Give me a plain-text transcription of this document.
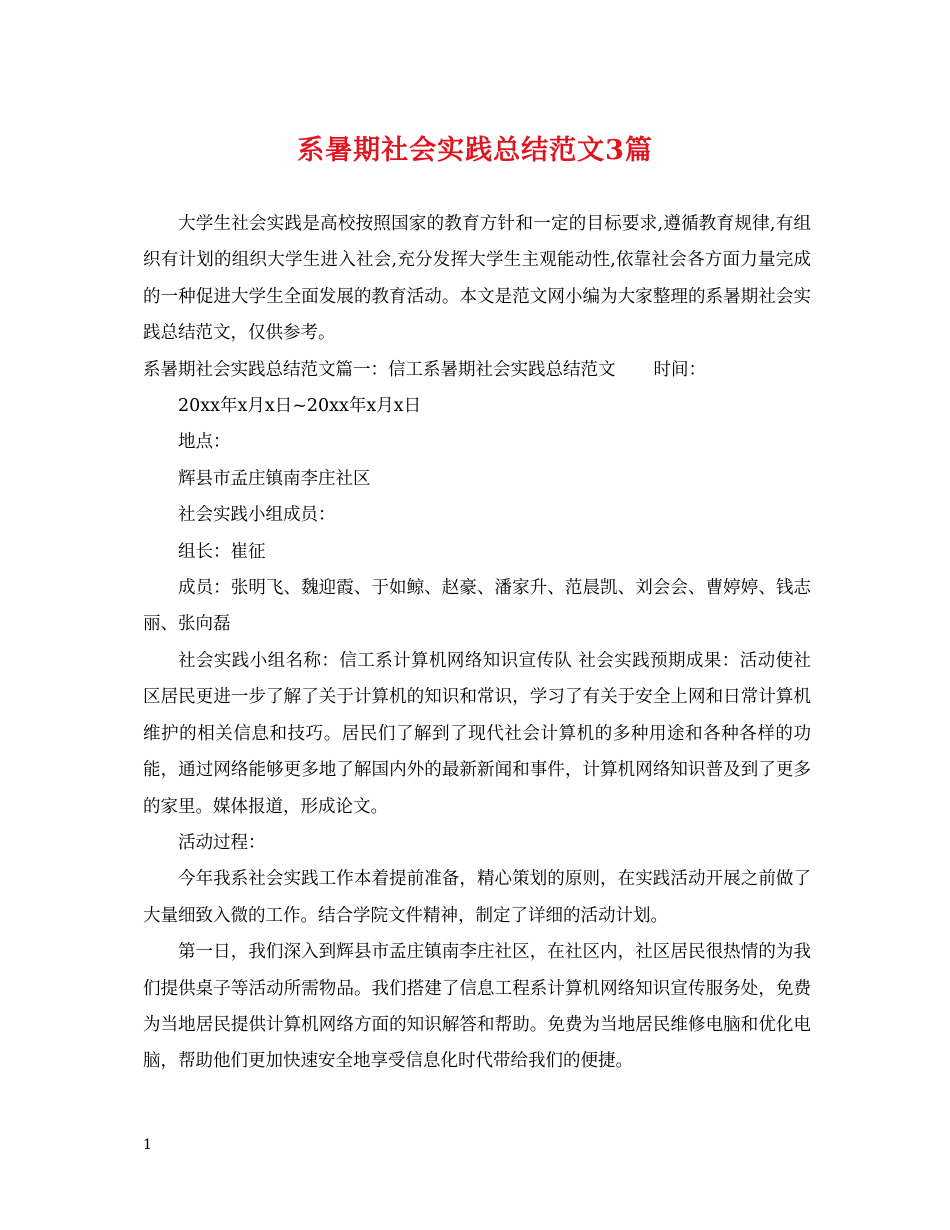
系暑期社会实践总结范文3篇

大学生社会实践是高校按照国家的教育方针和一定的目标要求,遵循教育规律,有组织有计划的组织大学生进入社会,充分发挥大学生主观能动性,依靠社会各方面力量完成的一种促进大学生全面发展的教育活动。本文是范文网小编为大家整理的系暑期社会实践总结范文，仅供参考。

系暑期社会实践总结范文篇一：信工系暑期社会实践总结范文 时间：

20xx年x月x日~20xx年x月x日

地点：

辉县市孟庄镇南李庄社区

社会实践小组成员：

组长：崔征

成员：张明飞、魏迎霞、于如鲸、赵豪、潘家升、范晨凯、刘会会、曹婷婷、钱志丽、张向磊

社会实践小组名称：信工系计算机网络知识宣传队 社会实践预期成果：活动使社区居民更进一步了解了关于计算机的知识和常识，学习了有关于安全上网和日常计算机维护的相关信息和技巧。居民们了解到了现代社会计算机的多种用途和各种各样的功能，通过网络能够更多地了解国内外的最新新闻和事件，计算机网络知识普及到了更多的家里。媒体报道，形成论文。

活动过程：

今年我系社会实践工作本着提前准备，精心策划的原则，在实践活动开展之前做了大量细致入微的工作。结合学院文件精神，制定了详细的活动计划。

第一日，我们深入到辉县市孟庄镇南李庄社区，在社区内，社区居民很热情的为我们提供桌子等活动所需物品。我们搭建了信息工程系计算机网络知识宣传服务处，免费为当地居民提供计算机网络方面的知识解答和帮助。免费为当地居民维修电脑和优化电脑，帮助他们更加快速安全地享受信息化时代带给我们的便捷。

1
